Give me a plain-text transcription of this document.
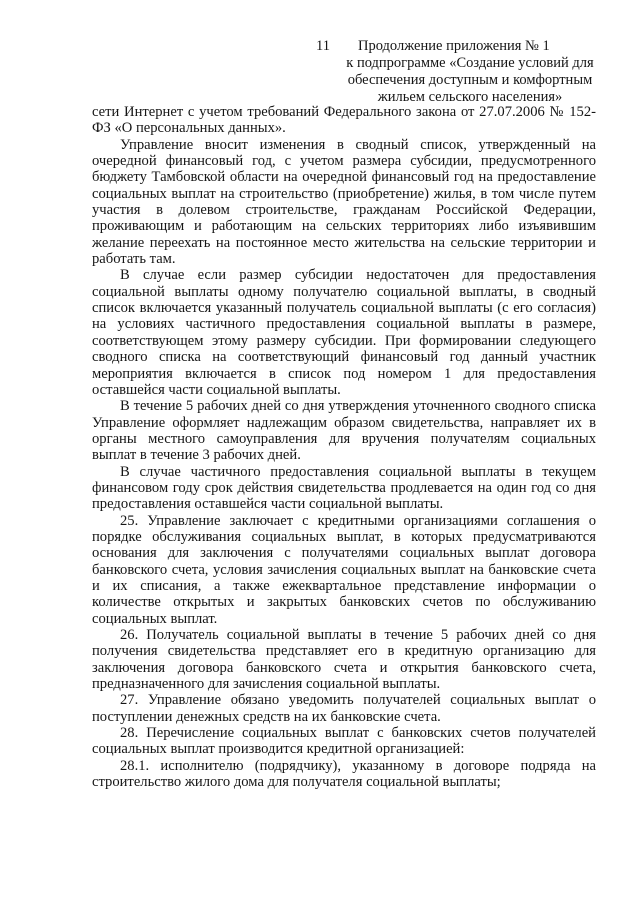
11 Продолжение приложения № 1
к подпрограмме «Создание условий для
обеспечения доступным и комфортным
жильем сельского населения»

сети Интернет с учетом требований Федерального закона от 27.07.2006 № 152-ФЗ «О персональных данных».

Управление вносит изменения в сводный список, утвержденный на очередной финансовый год, с учетом размера субсидии, предусмотренного бюджету Тамбовской области на очередной финансовый год на предоставление социальных выплат на строительство (приобретение) жилья, в том числе путем участия в долевом строительстве, гражданам Российской Федерации, проживающим и работающим на сельских территориях либо изъявившим желание переехать на постоянное место жительства на сельские территории и работать там.

В случае если размер субсидии недостаточен для предоставления социальной выплаты одному получателю социальной выплаты, в сводный список включается указанный получатель социальной выплаты (с его согласия) на условиях частичного предоставления социальной выплаты в размере, соответствующем этому размеру субсидии. При формировании следующего сводного списка на соответствующий финансовый год данный участник мероприятия включается в список под номером 1 для предоставления оставшейся части социальной выплаты.

В течение 5 рабочих дней со дня утверждения уточненного сводного списка Управление оформляет надлежащим образом свидетельства, направляет их в органы местного самоуправления для вручения получателям социальных выплат в течение 3 рабочих дней.

В случае частичного предоставления социальной выплаты в текущем финансовом году срок действия свидетельства продлевается на один год со дня предоставления оставшейся части социальной выплаты.

25. Управление заключает с кредитными организациями соглашения о порядке обслуживания социальных выплат, в которых предусматриваются основания для заключения с получателями социальных выплат договора банковского счета, условия зачисления социальных выплат на банковские счета и их списания, а также ежеквартальное представление информации о количестве открытых и закрытых банковских счетов по обслуживанию социальных выплат.

26. Получатель социальной выплаты в течение 5 рабочих дней со дня получения свидетельства представляет его в кредитную организацию для заключения договора банковского счета и открытия банковского счета, предназначенного для зачисления социальной выплаты.

27. Управление обязано уведомить получателей социальных выплат о поступлении денежных средств на их банковские счета.

28. Перечисление социальных выплат с банковских счетов получателей социальных выплат производится кредитной организацией:

28.1. исполнителю (подрядчику), указанному в договоре подряда на строительство жилого дома для получателя социальной выплаты;
